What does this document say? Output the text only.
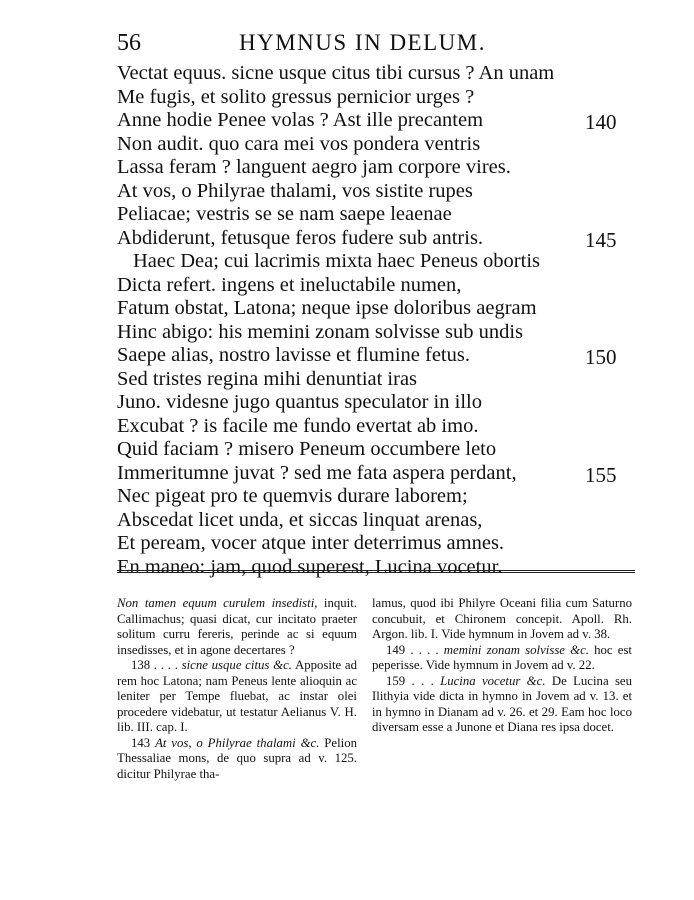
56	HYMNUS IN DELUM.
Vectat equus. sicne usque citus tibi cursus ? An unam
Me fugis, et solito gressus pernicior urges ?
Anne hodie Penee volas ? Ast ille precantem	140
Non audit. quo cara mei vos pondera ventris
Lassa feram ? languent aegro jam corpore vires.
At vos, o Philyrae thalami, vos sistite rupes
Peliacae; vestris se se nam saepe leaenae
Abdiderunt, fetusque feros fudere sub antris.	145
Haec Dea; cui lacrimis mixta haec Peneus obortis
Dicta refert. ingens et ineluctabile numen,
Fatum obstat, Latona; neque ipse doloribus aegram
Hinc abigo: his memini zonam solvisse sub undis
Saepe alias, nostro lavisse et flumine fetus.	150
Sed tristes regina mihi denuntiat iras
Juno. videsne jugo quantus speculator in illo
Excubat ? is facile me fundo evertat ab imo.
Quid faciam ? misero Peneum occumbere leto
Immeritumne juvat ? sed me fata aspera perdant,	155
Nec pigeat pro te quemvis durare laborem;
Abscedat licet unda, et siccas linquat arenas,
Et peream, vocer atque inter deterrimus amnes.
En maneo: jam, quod superest, Lucina vocetur.

Non tamen equum curulem insedisti, inquit. Callimachus; quasi dicat, cur incitato praeter solitum curru fereris, perinde ac si equum insedisses, et in agone decertares ?

138 . . . . sicne usque citus &c. Apposite ad rem hoc Latona; nam Peneus lente alioquin ac leniter per Tempe fluebat, ac instar olei procedere videbatur, ut testatur Aelianus V. H. lib. III. cap. I.

143 At vos, o Philyrae thalami &c. Pelion Thessaliae mons, de quo supra ad v. 125. dicitur Philyrae tha-

lamus, quod ibi Philyre Oceani filia cum Saturno concubuit, et Chironem concepit. Apoll. Rh. Argon. lib. I. Vide hymnum in Jovem ad v. 38.

149 . . . . memini zonam solvisse &c. hoc est peperisse. Vide hymnum in Jovem ad v. 22.

159 . . . Lucina vocetur &c. De Lucina seu Ilithyia vide dicta in hymno in Jovem ad v. 13. et in hymno in Dianam ad v. 26. et 29. Eam hoc loco diversam esse a Junone et Diana res ipsa docet.
